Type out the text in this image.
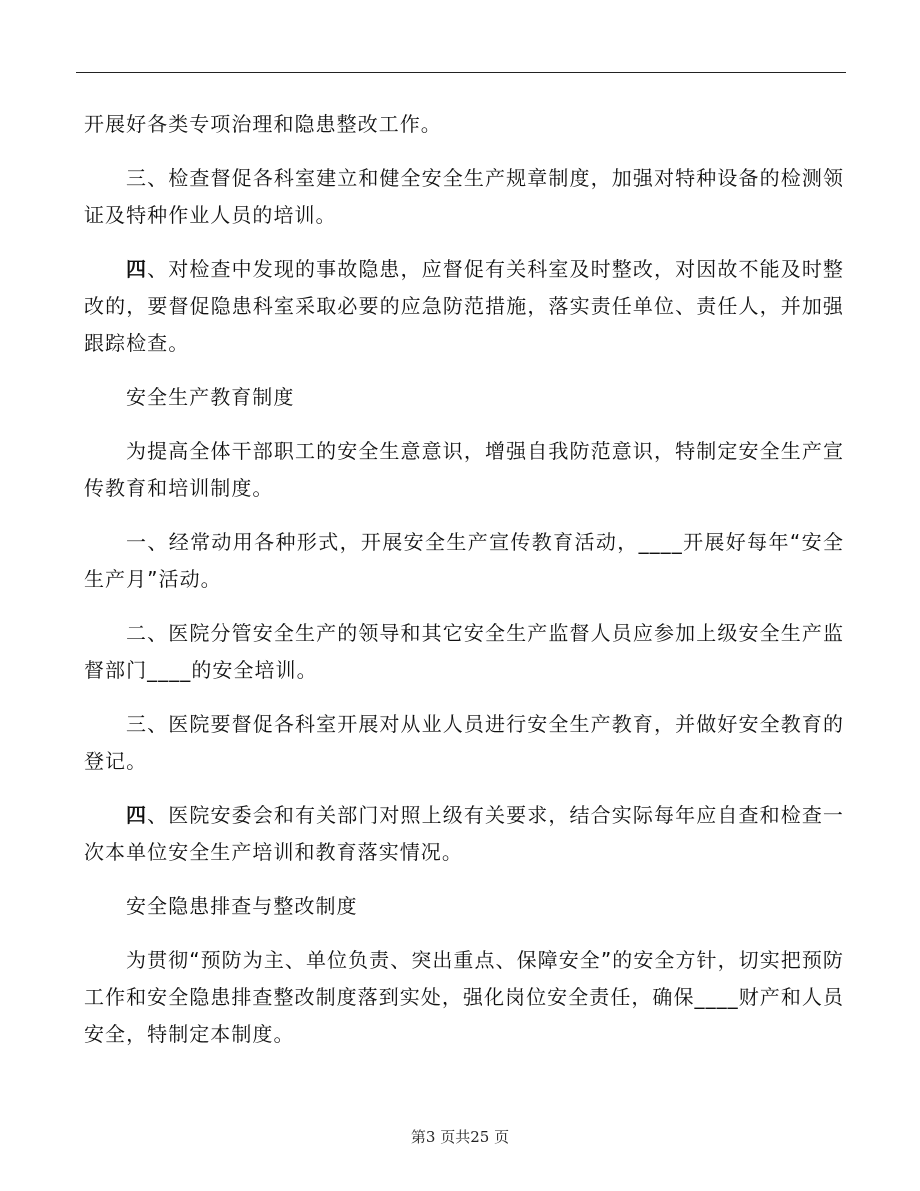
开展好各类专项治理和隐患整改工作。

三、检查督促各科室建立和健全安全生产规章制度，加强对特种设备的检测领证及特种作业人员的培训。

四、对检查中发现的事故隐患，应督促有关科室及时整改，对因故不能及时整改的，要督促隐患科室采取必要的应急防范措施，落实责任单位、责任人，并加强跟踪检查。

安全生产教育制度

为提高全体干部职工的安全生意意识，增强自我防范意识，特制定安全生产宣传教育和培训制度。

一、经常动用各种形式，开展安全生产宣传教育活动，____开展好每年“安全生产月”活动。

二、医院分管安全生产的领导和其它安全生产监督人员应参加上级安全生产监督部门____的安全培训。

三、医院要督促各科室开展对从业人员进行安全生产教育，并做好安全教育的登记。

四、医院安委会和有关部门对照上级有关要求，结合实际每年应自查和检查一次本单位安全生产培训和教育落实情况。

安全隐患排查与整改制度

为贯彻“预防为主、单位负责、突出重点、保障安全”的安全方针，切实把预防工作和安全隐患排查整改制度落到实处，强化岗位安全责任，确保____财产和人员安全，特制定本制度。

第3 页共25 页
